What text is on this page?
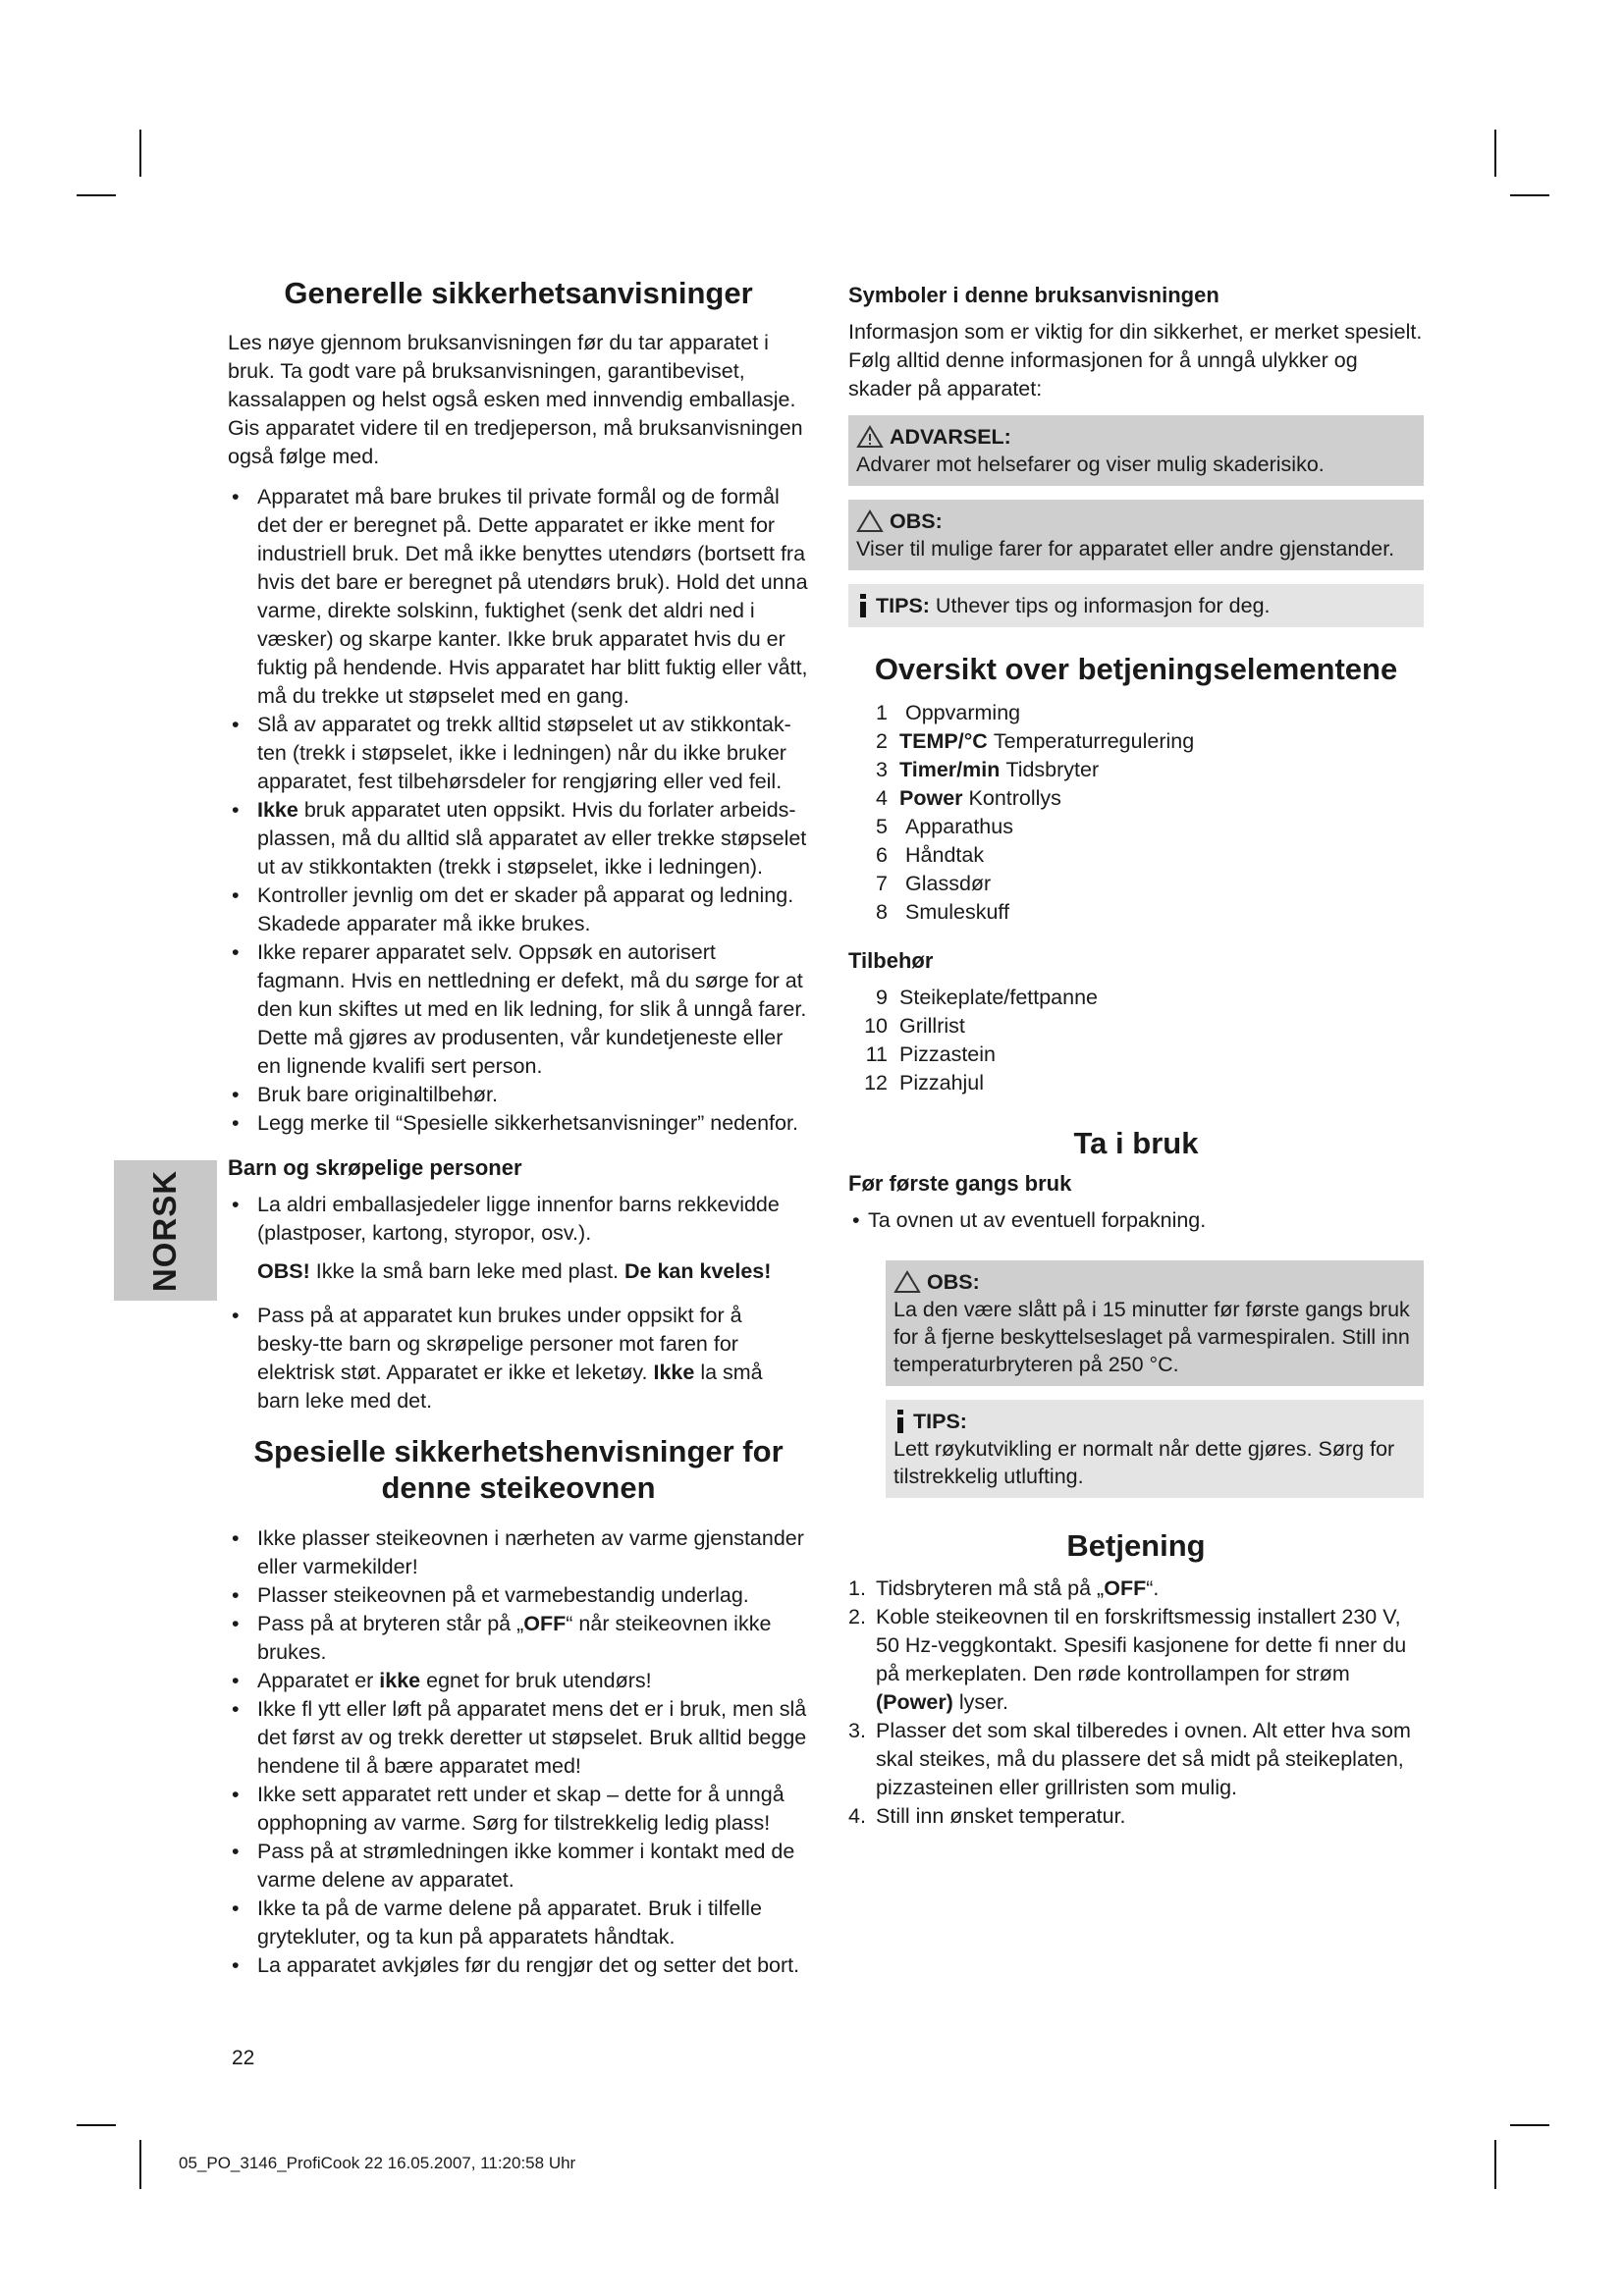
NORSK
Generelle sikkerhetsanvisninger

Les nøye gjennom bruksanvisningen før du tar apparatet i bruk. Ta godt vare på bruksanvisningen, garantibeviset, kassalappen og helst også esken med innvendig emballasje. Gis apparatet videre til en tredjeperson, må bruksanvisningen også følge med.

• Apparatet må bare brukes til private formål og de formål det der er beregnet på. Dette apparatet er ikke ment for industriell bruk. Det må ikke benyttes utendørs (bortsett fra hvis det bare er beregnet på utendørs bruk). Hold det unna varme, direkte solskinn, fuktighet (senk det aldri ned i væsker) og skarpe kanter. Ikke bruk apparatet hvis du er fuktig på hendende. Hvis apparatet har blitt fuktig eller vått, må du trekke ut støpselet med en gang.
• Slå av apparatet og trekk alltid støpselet ut av stikkontak-ten (trekk i støpselet, ikke i ledningen) når du ikke bruker apparatet, fest tilbehørsdeler for rengjøring eller ved feil.
• Ikke bruk apparatet uten oppsikt. Hvis du forlater arbeids-plassen, må du alltid slå apparatet av eller trekke støpselet ut av stikkontakten (trekk i støpselet, ikke i ledningen).
• Kontroller jevnlig om det er skader på apparat og ledning. Skadede apparater må ikke brukes.
• Ikke reparer apparatet selv. Oppsøk en autorisert fagmann. Hvis en nettledning er defekt, må du sørge for at den kun skiftes ut med en lik ledning, for slik å unngå farer. Dette må gjøres av produsenten, vår kundetjeneste eller en lignende kvalifi sert person.
• Bruk bare originaltilbehør.
• Legg merke til “Spesielle sikkerhetsanvisninger” nedenfor.
Barn og skrøpelige personer
• La aldri emballasjedeler ligge innenfor barns rekkevidde (plastposer, kartong, styropor, osv.).
OBS! Ikke la små barn leke med plast. De kan kveles!
• Pass på at apparatet kun brukes under oppsikt for å besky-tte barn og skrøpelige personer mot faren for elektrisk støt. Apparatet er ikke et leketøy. Ikke la små barn leke med det.
Spesielle sikkerhetshenvisninger for denne steikeovnen
• Ikke plasser steikeovnen i nærheten av varme gjenstander eller varmekilder!
• Plasser steikeovnen på et varmebestandig underlag.
• Pass på at bryteren står på „OFF“ når steikeovnen ikke brukes.
• Apparatet er ikke egnet for bruk utendørs!
• Ikke fl ytt eller løft på apparatet mens det er i bruk, men slå det først av og trekk deretter ut støpselet. Bruk alltid begge hendene til å bære apparatet med!
• Ikke sett apparatet rett under et skap – dette for å unngå opphopning av varme. Sørg for tilstrekkelig ledig plass!
• Pass på at strømledningen ikke kommer i kontakt med de varme delene av apparatet.
• Ikke ta på de varme delene på apparatet. Bruk i tilfelle grytekluter, og ta kun på apparatets håndtak.
• La apparatet avkjøles før du rengjør det og setter det bort.
Symboler i denne bruksanvisningen

Informasjon som er viktig for din sikkerhet, er merket spesielt. Følg alltid denne informasjonen for å unngå ulykker og skader på apparatet:

ADVARSEL:
Advarer mot helsefarer og viser mulig skaderisiko.
OBS:
Viser til mulige farer for apparatet eller andre gjenstander.
TIPS: Uthever tips og informasjon for deg.
Oversikt over betjeningselementene
1 Oppvarming
2 TEMP/°C Temperaturregulering
3 Timer/min Tidsbryter
4 Power Kontrollys
5 Apparathus
6 Håndtak
7 Glassdør
8 Smuleskuff
Tilbehør
9 Steikeplate/fettpanne
10 Grillrist
11 Pizzastein
12 Pizzahjul
Ta i bruk
Før første gangs bruk
• Ta ovnen ut av eventuell forpakning.
OBS:
La den være slått på i 15 minutter før første gangs bruk for å fjerne beskyttelseslaget på varmespiralen. Still inn temperaturbryteren på 250 °C.
TIPS:
Lett røykutvikling er normalt når dette gjøres. Sørg for tilstrekkelig utlufting.
Betjening
1. Tidsbryteren må stå på „OFF“.
2. Koble steikeovnen til en forskriftsmessig installert 230 V, 50 Hz-veggkontakt. Spesifi kasjonene for dette fi nner du på merkeplaten. Den røde kontrollampen for strøm (Power) lyser.
3. Plasser det som skal tilberedes i ovnen. Alt etter hva som skal steikes, må du plassere det så midt på steikeplaten, pizzasteinen eller grillristen som mulig.
4. Still inn ønsket temperatur.
22
05_PO_3146_ProfiCook 22 16.05.2007, 11:20:58 Uhr
